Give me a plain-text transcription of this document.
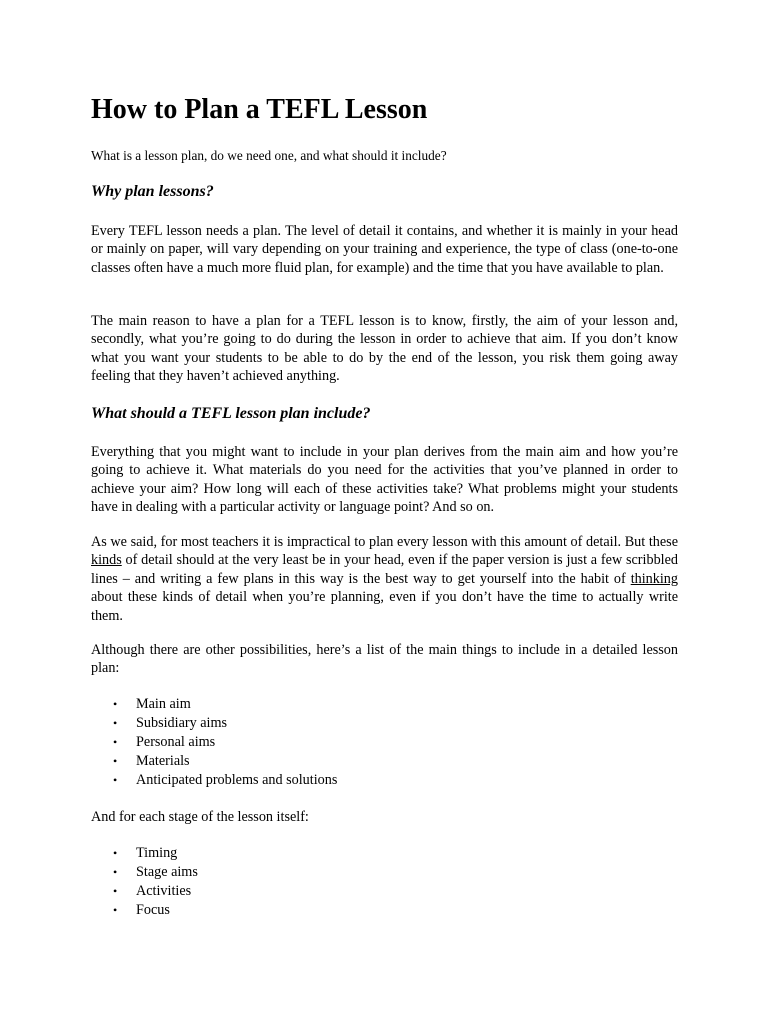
How to Plan a TEFL Lesson

What is a lesson plan, do we need one, and what should it include?

Why plan lessons?

Every TEFL lesson needs a plan. The level of detail it contains, and whether it is mainly in your head or mainly on paper, will vary depending on your training and experience, the type of class (one-to-one classes often have a much more fluid plan, for example) and the time that you have available to plan.

The main reason to have a plan for a TEFL lesson is to know, firstly, the aim of your lesson and, secondly, what you’re going to do during the lesson in order to achieve that aim. If you don’t know what you want your students to be able to do by the end of the lesson, you risk them going away feeling that they haven’t achieved anything.

What should a TEFL lesson plan include?

Everything that you might want to include in your plan derives from the main aim and how you’re going to achieve it. What materials do you need for the activities that you’ve planned in order to achieve your aim? How long will each of these activities take? What problems might your students have in dealing with a particular activity or language point? And so on.

As we said, for most teachers it is impractical to plan every lesson with this amount of detail. But these kinds of detail should at the very least be in your head, even if the paper version is just a few scribbled lines – and writing a few plans in this way is the best way to get yourself into the habit of thinking about these kinds of detail when you’re planning, even if you don’t have the time to actually write them.

Although there are other possibilities, here’s a list of the main things to include in a detailed lesson plan:

• Main aim
• Subsidiary aims
• Personal aims
• Materials
• Anticipated problems and solutions

And for each stage of the lesson itself:

• Timing
• Stage aims
• Activities
• Focus
